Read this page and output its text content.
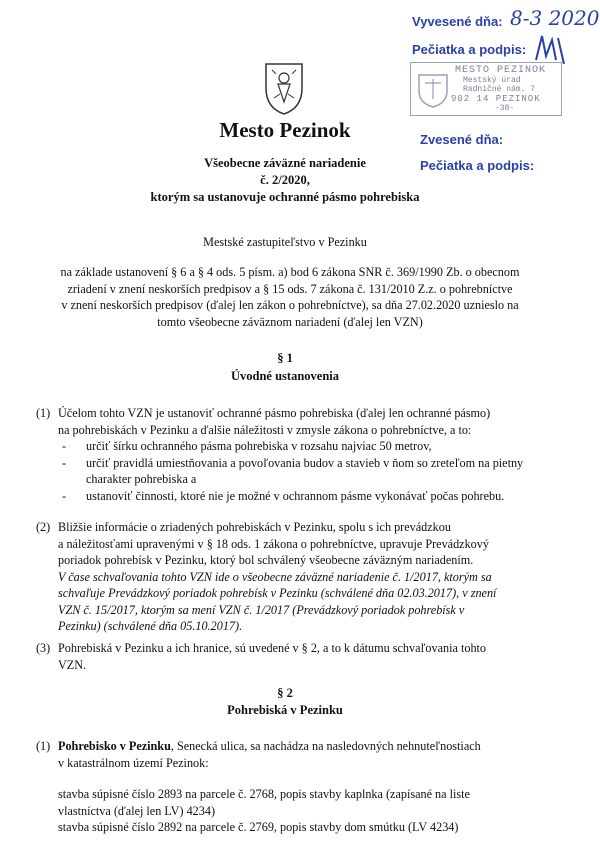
Vyvesené dňa: 8-3 2020
Pečiatka a podpis:
MESTO PEZINOK
Mestský úrad
Radničné nám. 7
902 14 PEZINOK
-38-
Zvesené dňa:
Pečiatka a podpis:
Mesto Pezinok
Všeobecne záväzné nariadenie
č. 2/2020,
ktorým sa ustanovuje ochranné pásmo pohrebiska
Mestské zastupiteľstvo v Pezinku
na základe ustanovení § 6 a § 4 ods. 5 písm. a) bod 6 zákona SNR č. 369/1990 Zb. o obecnom
zriadení v znení neskorších predpisov a § 15 ods. 7 zákona č. 131/2010 Z.z. o pohrebníctve
v znení neskorších predpisov (ďalej len zákon o pohrebníctve), sa dňa 27.02.2020 uznieslo na
tomto všeobecne záväznom nariadení (ďalej len VZN)
§ 1
Úvodné ustanovenia
(1) Účelom tohto VZN je ustanoviť ochranné pásmo pohrebiska (ďalej len ochranné pásmo)
na pohrebiskách v Pezinku a ďalšie náležitosti v zmysle zákona o pohrebníctve, a to:
- určiť šírku ochranného pásma pohrebiska v rozsahu najviac 50 metrov,
- určiť pravidlá umiestňovania a povoľovania budov a stavieb v ňom so zreteľom na pietny charakter pohrebiska a
- ustanoviť činnosti, ktoré nie je možné v ochrannom pásme vykonávať počas pohrebu.
(2) Bližšie informácie o zriadených pohrebiskách v Pezinku, spolu s ich prevádzkou
a náležitosťami upravenými v § 18 ods. 1 zákona o pohrebníctve, upravuje Prevádzkový
poriadok pohrebísk v Pezinku, ktorý bol schválený všeobecne záväzným nariadením.
V čase schvaľovania tohto VZN ide o všeobecne záväzné nariadenie č. 1/2017, ktorým sa
schvaľuje Prevádzkový poriadok pohrebísk v Pezinku (schválené dňa 02.03.2017), v znení
VZN č. 15/2017, ktorým sa mení VZN č. 1/2017 (Prevádzkový poriadok pohrebísk v
Pezinku) (schválené dňa 05.10.2017).
(3) Pohrebiská v Pezinku a ich hranice, sú uvedené v § 2, a to k dátumu schvaľovania tohto
VZN.
§ 2
Pohrebiská v Pezinku
(1) Pohrebisko v Pezinku, Senecká ulica, sa nachádza na nasledovných nehnuteľnostiach
v katastrálnom území Pezinok:
stavba súpisné číslo 2893 na parcele č. 2768, popis stavby kaplnka (zapísané na liste
vlastníctva (ďalej len LV) 4234)
stavba súpisné číslo 2892 na parcele č. 2769, popis stavby dom smútku (LV 4234)
